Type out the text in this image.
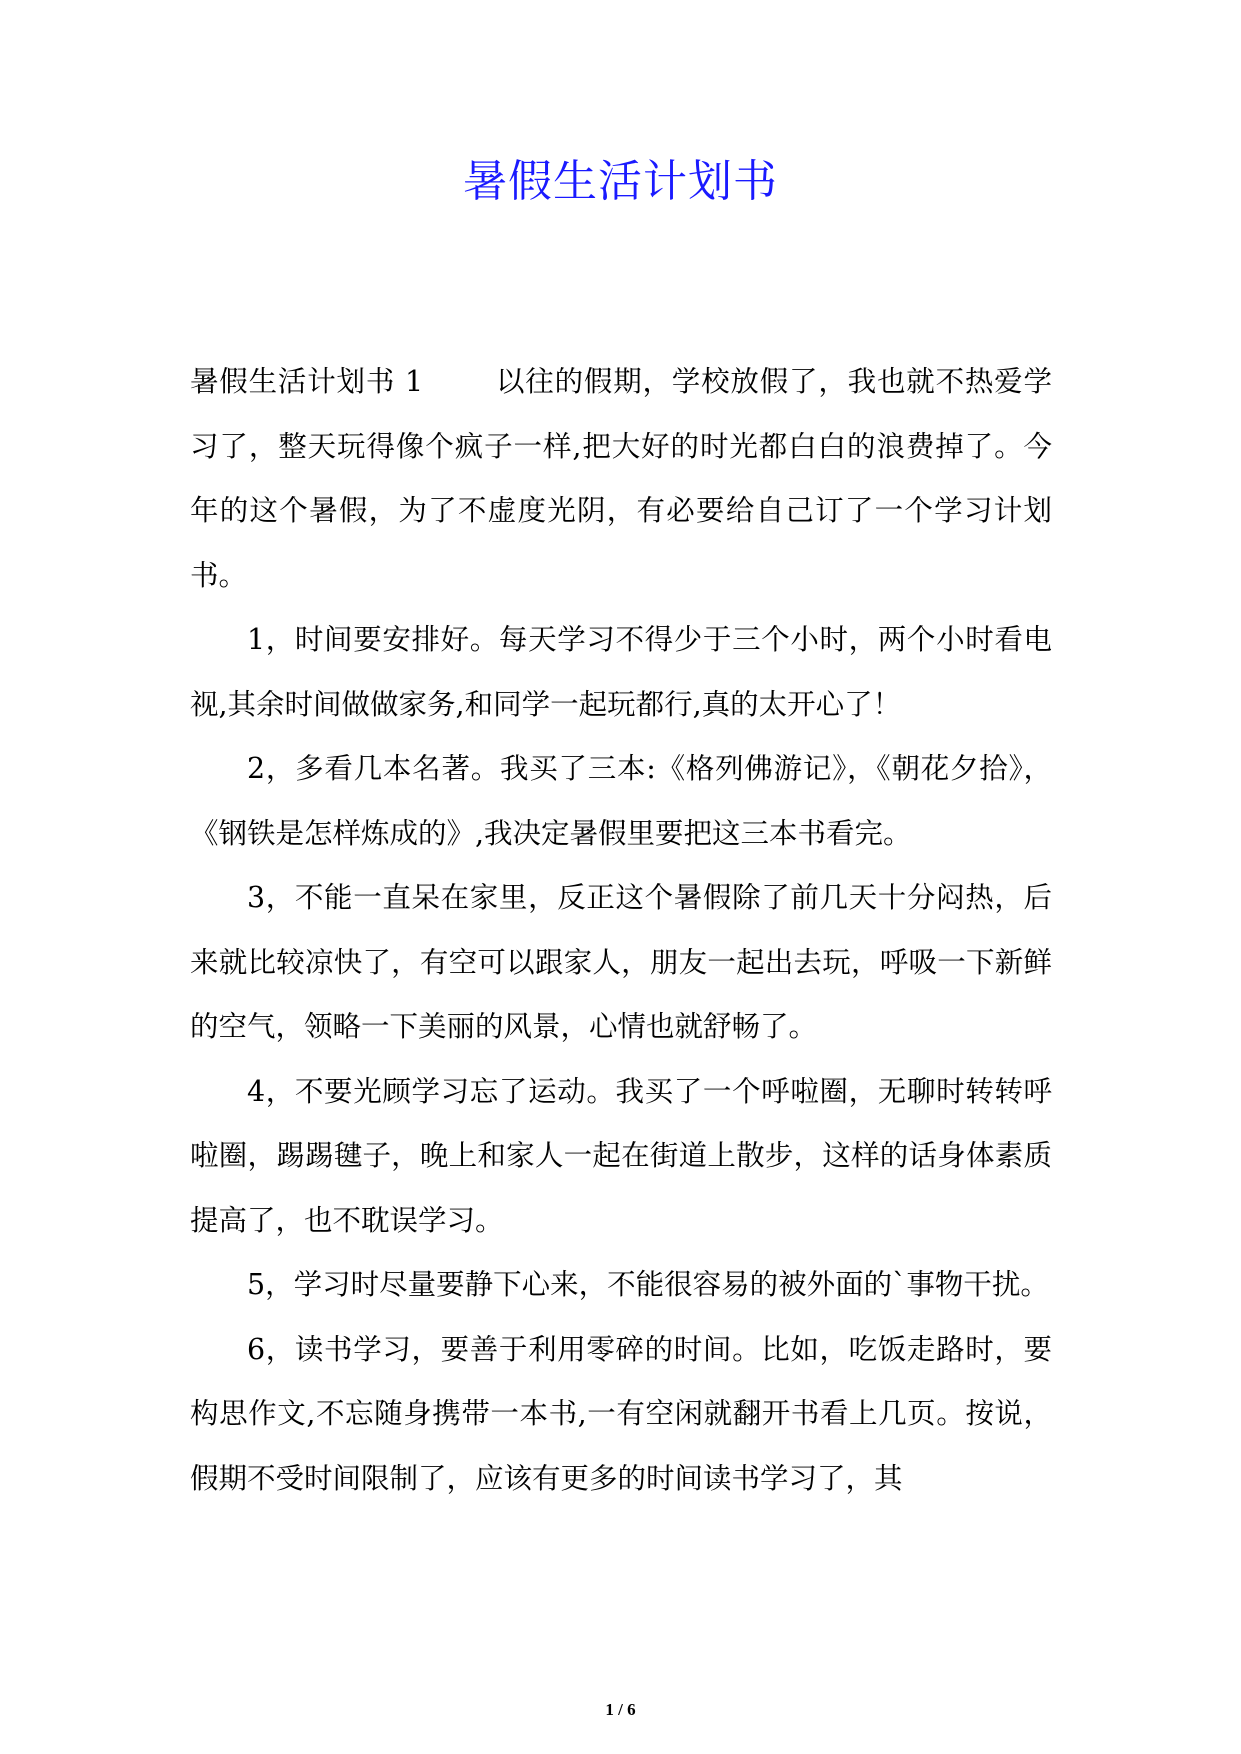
暑假生活计划书

暑假生活计划书 1	以往的假期，学校放假了，我也就不热爱学习了，整天玩得像个疯子一样,把大好的时光都白白的浪费掉了。今年的这个暑假，为了不虚度光阴，有必要给自己订了一个学习计划书。

1，时间要安排好。每天学习不得少于三个小时，两个小时看电视,其余时间做做家务,和同学一起玩都行,真的太开心了！

2，多看几本名著。我买了三本:《格列佛游记》，《朝花夕拾》，《钢铁是怎样炼成的》,我决定暑假里要把这三本书看完。

3，不能一直呆在家里，反正这个暑假除了前几天十分闷热，后来就比较凉快了，有空可以跟家人，朋友一起出去玩，呼吸一下新鲜的空气，领略一下美丽的风景，心情也就舒畅了。

4，不要光顾学习忘了运动。我买了一个呼啦圈，无聊时转转呼啦圈，踢踢毽子，晚上和家人一起在街道上散步，这样的话身体素质提高了，也不耽误学习。

5，学习时尽量要静下心来，不能很容易的被外面的`事物干扰。

6，读书学习，要善于利用零碎的时间。比如，吃饭走路时，要构思作文,不忘随身携带一本书,一有空闲就翻开书看上几页。按说，假期不受时间限制了，应该有更多的时间读书学习了，其

1 / 6
